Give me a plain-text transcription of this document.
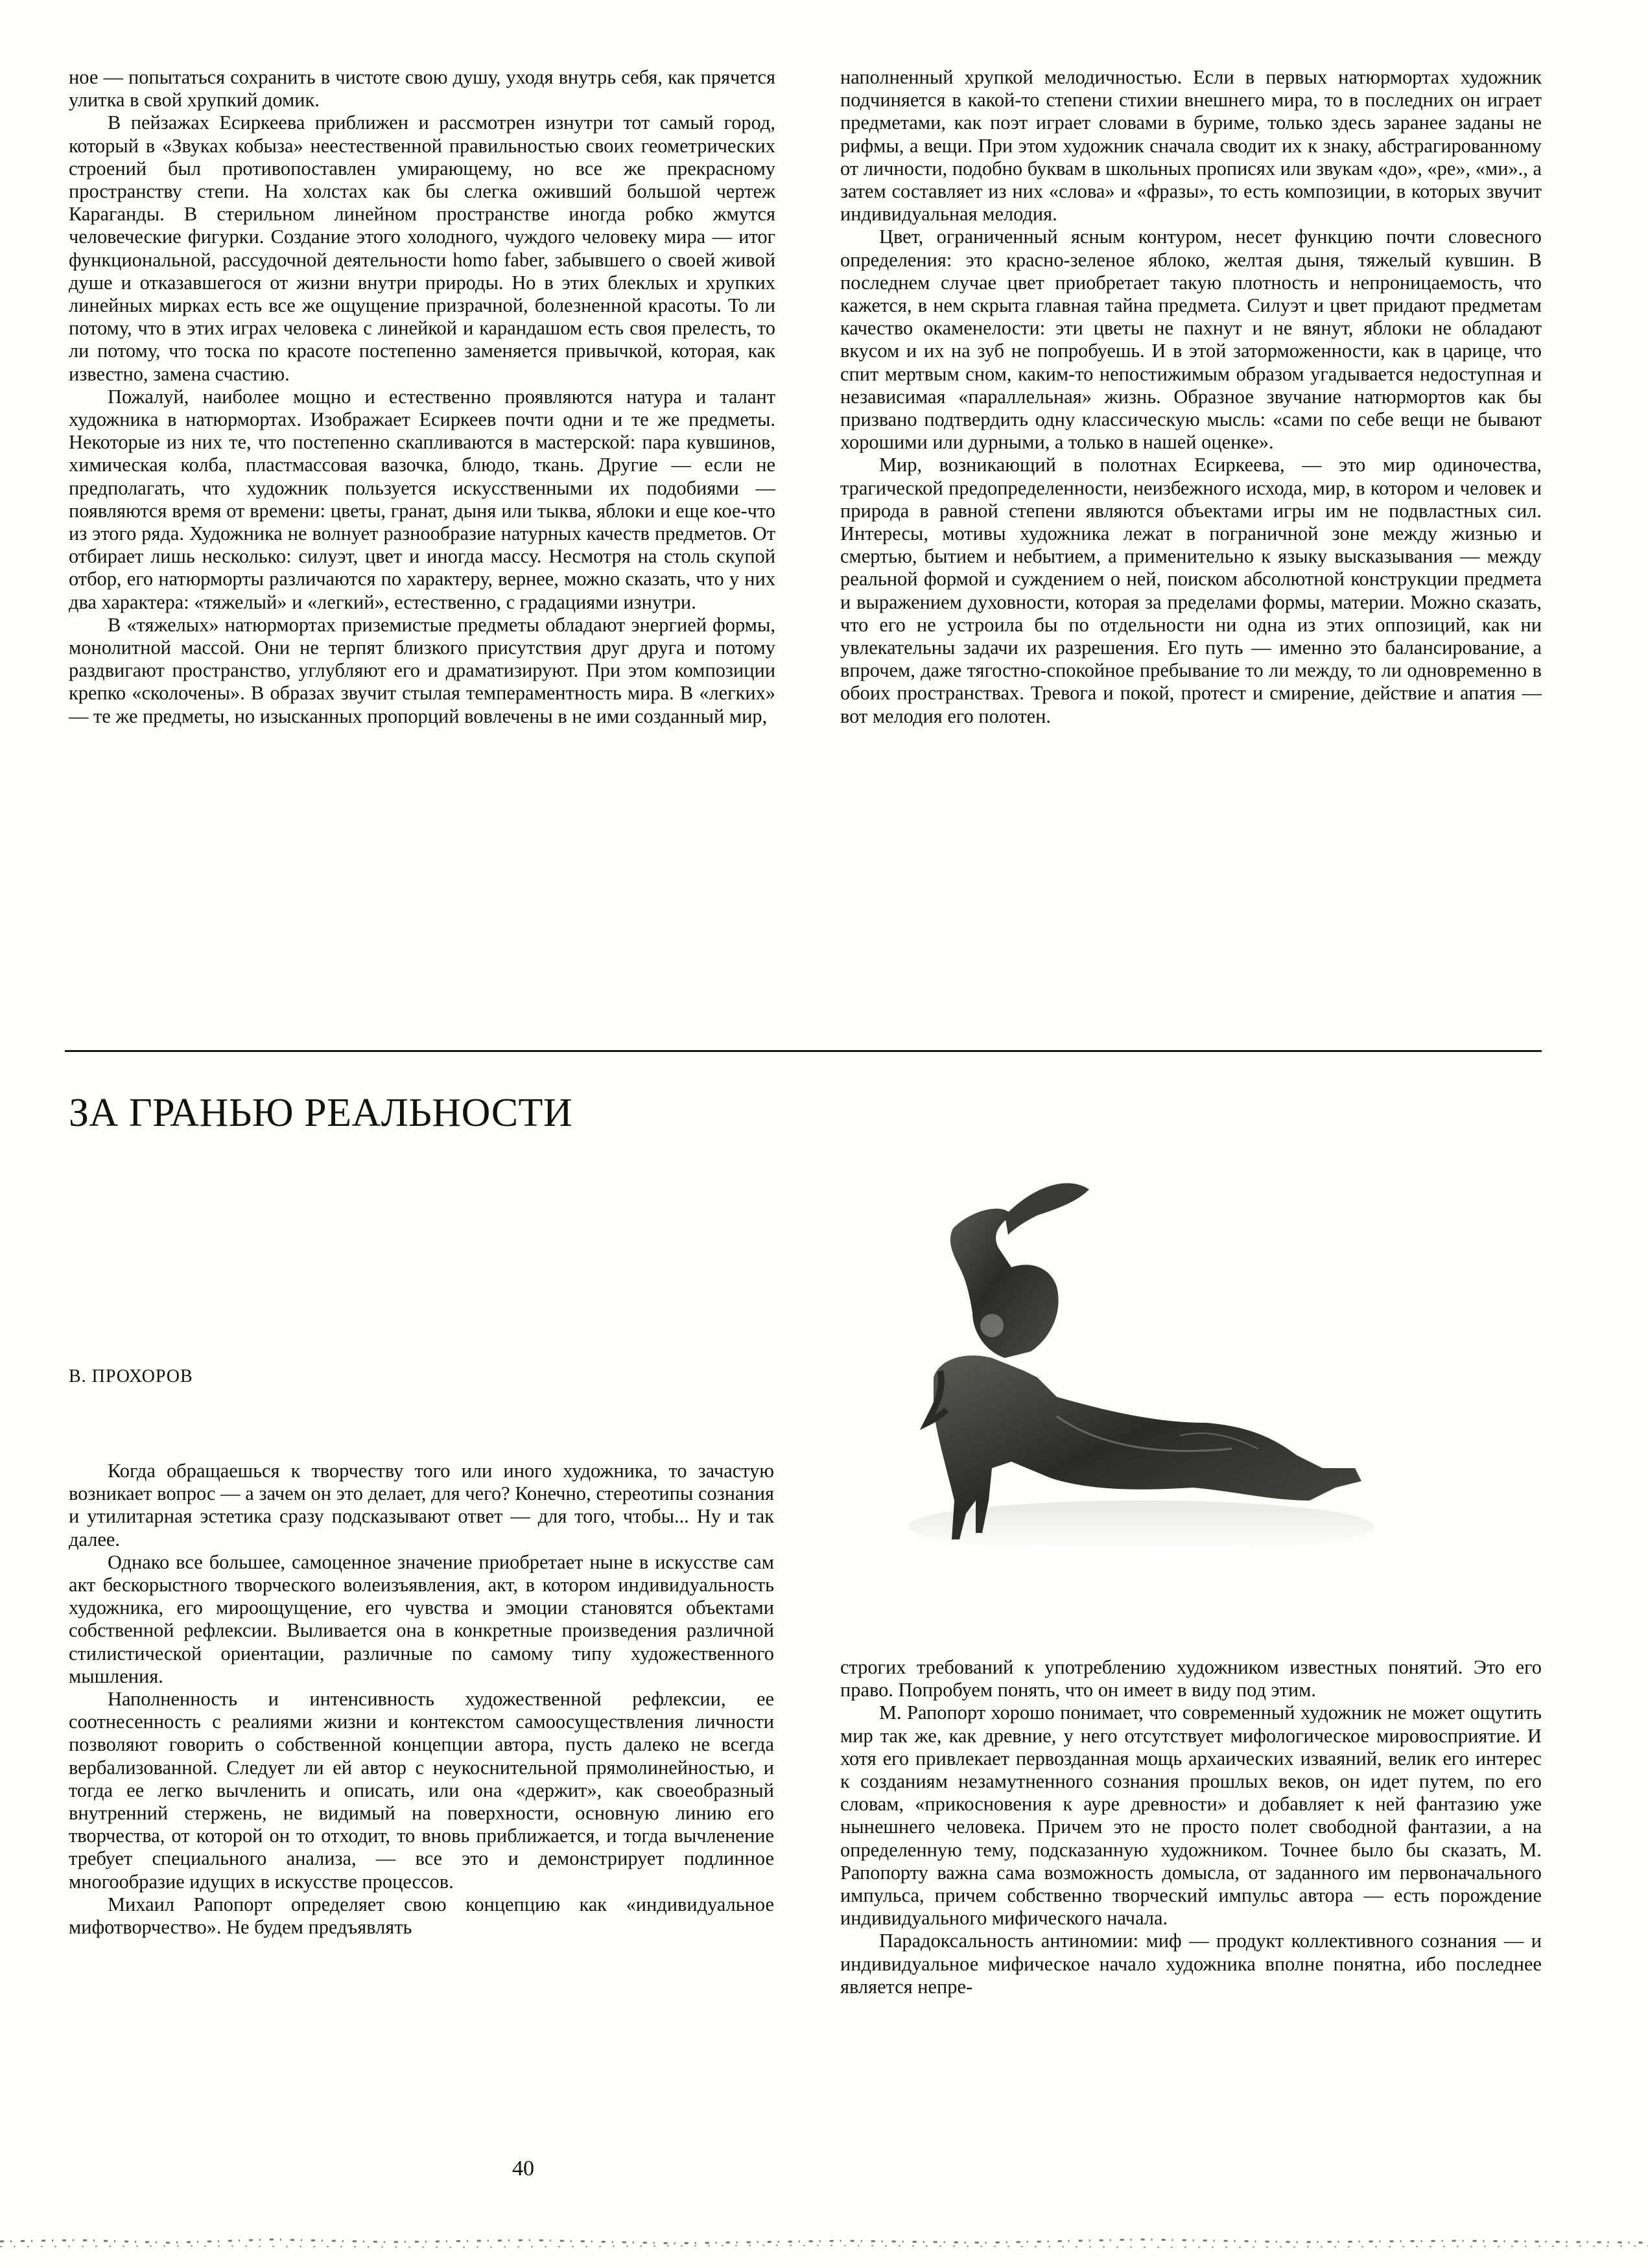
ное — попытаться сохранить в чистоте свою душу, уходя внутрь себя, как прячется улитка в свой хрупкий домик.

В пейзажах Есиркеева приближен и рассмотрен изнутри тот самый город, который в «Звуках кобыза» неестественной правильностью своих геометрических строений был противопоставлен умирающему, но все же прекрасному пространству степи. На холстах как бы слегка оживший большой чертеж Караганды. В стерильном линейном пространстве иногда робко жмутся человеческие фигурки. Создание этого холодного, чуждого человеку мира — итог функциональной, рассудочной деятельности homo faber, забывшего о своей живой душе и отказавшегося от жизни внутри природы. Но в этих блеклых и хрупких линейных мирках есть все же ощущение призрачной, болезненной красоты. То ли потому, что в этих играх человека с линейкой и карандашом есть своя прелесть, то ли потому, что тоска по красоте постепенно заменяется привычкой, которая, как известно, замена счастию.

Пожалуй, наиболее мощно и естественно проявляются натура и талант художника в натюрмортах. Изображает Есиркеев почти одни и те же предметы. Некоторые из них те, что постепенно скапливаются в мастерской: пара кувшинов, химическая колба, пластмассовая вазочка, блюдо, ткань. Другие — если не предполагать, что художник пользуется искусственными их подобиями — появляются время от времени: цветы, гранат, дыня или тыква, яблоки и еще кое-что из этого ряда. Художника не волнует разнообразие натурных качеств предметов. От отбирает лишь несколько: силуэт, цвет и иногда массу. Несмотря на столь скупой отбор, его натюрморты различаются по характеру, вернее, можно сказать, что у них два характера: «тяжелый» и «легкий», естественно, с градациями изнутри.

В «тяжелых» натюрмортах приземистые предметы обладают энергией формы, монолитной массой. Они не терпят близкого присутствия друг друга и потому раздвигают пространство, углубляют его и драматизируют. При этом композиции крепко «сколочены». В образах звучит стылая темпераментность мира. В «легких» — те же предметы, но изысканных пропорций вовлечены в не ими созданный мир,

наполненный хрупкой мелодичностью. Если в первых натюрмортах художник подчиняется в какой-то степени стихии внешнего мира, то в последних он играет предметами, как поэт играет словами в буриме, только здесь заранее заданы не рифмы, а вещи. При этом художник сначала сводит их к знаку, абстрагированному от личности, подобно буквам в школьных прописях или звукам «до», «ре», «ми»., а затем составляет из них «слова» и «фразы», то есть композиции, в которых звучит индивидуальная мелодия.

Цвет, ограниченный ясным контуром, несет функцию почти словесного определения: это красно-зеленое яблоко, желтая дыня, тяжелый кувшин. В последнем случае цвет приобретает такую плотность и непроницаемость, что кажется, в нем скрыта главная тайна предмета. Силуэт и цвет придают предметам качество окаменелости: эти цветы не пахнут и не вянут, яблоки не обладают вкусом и их на зуб не попробуешь. И в этой заторможенности, как в царице, что спит мертвым сном, каким-то непостижимым образом угадывается недоступная и независимая «параллельная» жизнь. Образное звучание натюрмортов как бы призвано подтвердить одну классическую мысль: «сами по себе вещи не бывают хорошими или дурными, а только в нашей оценке».

Мир, возникающий в полотнах Есиркеева, — это мир одиночества, трагической предопределенности, неизбежного исхода, мир, в котором и человек и природа в равной степени являются объектами игры им не подвластных сил. Интересы, мотивы художника лежат в пограничной зоне между жизнью и смертью, бытием и небытием, а применительно к языку высказывания — между реальной формой и суждением о ней, поиском абсолютной конструкции предмета и выражением духовности, которая за пределами формы, материи. Можно сказать, что его не устроила бы по отдельности ни одна из этих оппозиций, как ни увлекательны задачи их разрешения. Его путь — именно это балансирование, а впрочем, даже тягостно-спокойное пребывание то ли между, то ли одновременно в обоих пространствах. Тревога и покой, протест и смирение, действие и апатия — вот мелодия его полотен.

ЗА ГРАНЬЮ РЕАЛЬНОСТИ
В. ПРОХОРОВ

Когда обращаешься к творчеству того или иного художника, то зачастую возникает вопрос — а зачем он это делает, для чего? Конечно, стереотипы сознания и утилитарная эстетика сразу подсказывают ответ — для того, чтобы... Ну и так далее.

Однако все большее, самоценное значение приобретает ныне в искусстве сам акт бескорыстного творческого волеизъявления, акт, в котором индивидуальность художника, его мироощущение, его чувства и эмоции становятся объектами собственной рефлексии. Выливается она в конкретные произведения различной стилистической ориентации, различные по самому типу художественного мышления.

Наполненность и интенсивность художественной рефлексии, ее соотнесенность с реалиями жизни и контекстом самоосуществления личности позволяют говорить о собственной концепции автора, пусть далеко не всегда вербализованной. Следует ли ей автор с неукоснительной прямолинейностью, и тогда ее легко вычленить и описать, или она «держит», как своеобразный внутренний стержень, не видимый на поверхности, основную линию его творчества, от которой он то отходит, то вновь приближается, и тогда вычленение требует специального анализа, — все это и демонстрирует подлинное многообразие идущих в искусстве процессов.

Михаил Рапопорт определяет свою концепцию как «индивидуальное мифотворчество». Не будем предъявлять

строгих требований к употреблению художником известных понятий. Это его право. Попробуем понять, что он имеет в виду под этим.

М. Рапопорт хорошо понимает, что современный художник не может ощутить мир так же, как древние, у него отсутствует мифологическое мировосприятие. И хотя его привлекает первозданная мощь архаических изваяний, велик его интерес к созданиям незамутненного сознания прошлых веков, он идет путем, по его словам, «прикосновения к ауре древности» и добавляет к ней фантазию уже нынешнего человека. Причем это не просто полет свободной фантазии, а на определенную тему, подсказанную художником. Точнее было бы сказать, М. Рапопорту важна сама возможность домысла, от заданного им первоначального импульса, причем собственно творческий импульс автора — есть порождение индивидуального мифического начала.

Парадоксальность антиномии: миф — продукт коллективного сознания — и индивидуальное мифическое начало художника вполне понятна, ибо последнее является непре-

40
